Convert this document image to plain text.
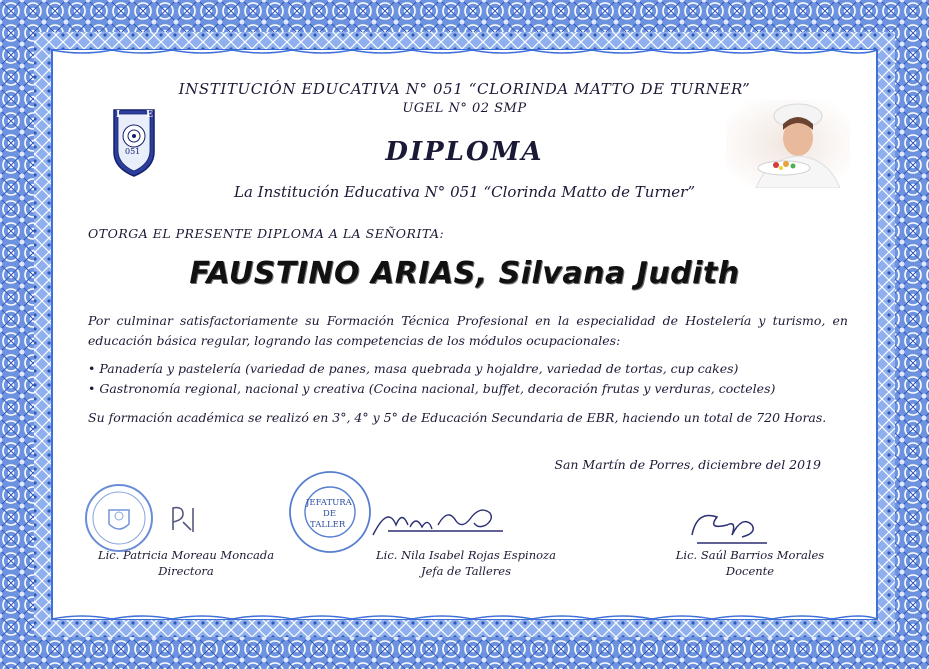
I	E
051
INSTITUCIÓN EDUCATIVA N° 051 “CLORINDA MATTO DE TURNER”
UGEL N° 02 SMP
DIPLOMA
La Institución Educativa N° 051 “Clorinda Matto de Turner”
OTORGA EL PRESENTE DIPLOMA A LA SEÑORITA:
FAUSTINO ARIAS, Silvana Judith
Por culminar satisfactoriamente su Formación Técnica Profesional en la especialidad de Hostelería y turismo, en educación básica regular, logrando las competencias de los módulos ocupacionales:
• Panadería y pastelería (variedad de panes, masa quebrada y hojaldre, variedad de tortas, cup cakes)
• Gastronomía regional, nacional y creativa (Cocina nacional, buffet, decoración frutas y verduras, cocteles)
Su formación académica se realizó en 3°, 4° y 5° de Educación Secundaria de EBR, haciendo un total de 720 Horas.
San Martín de Porres, diciembre del 2019
JEFATURA
DE
TALLER
Lic. Patricia Moreau Moncada
Directora
Lic. Nila Isabel Rojas Espinoza
Jefa de Talleres
Lic. Saúl Barrios Morales
Docente
